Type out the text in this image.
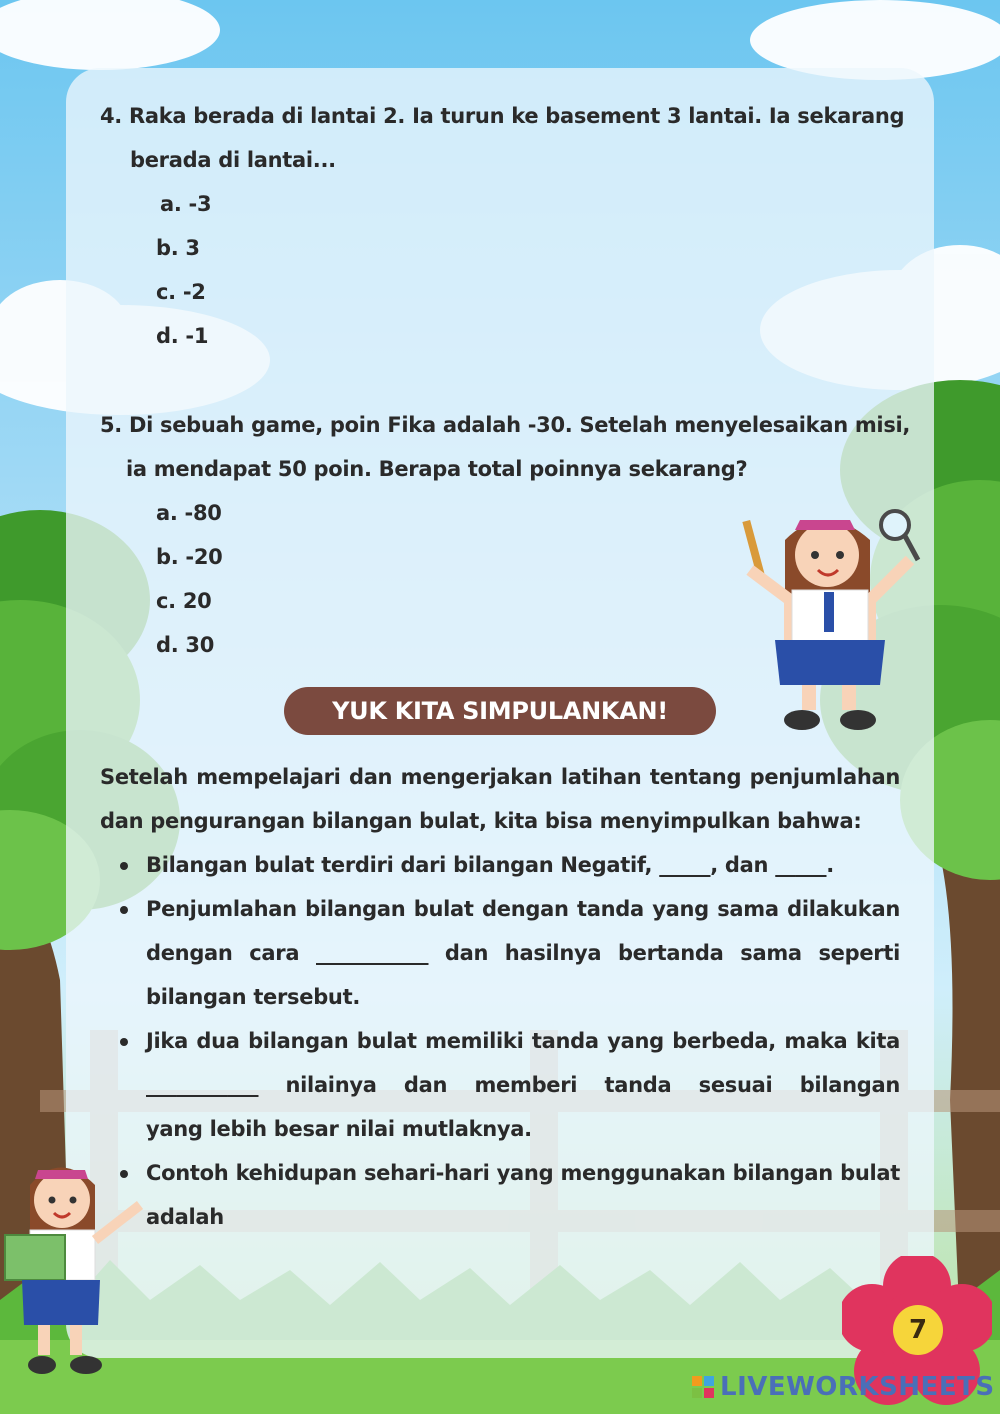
4. Raka berada di lantai 2. Ia turun ke basement 3 lantai. Ia sekarang
berada di lantai...
a. -3
b. 3
c. -2
d. -1
5. Di sebuah game, poin Fika adalah -30. Setelah menyelesaikan misi,
ia mendapat 50 poin. Berapa total poinnya sekarang?
a. -80
b. -20
c. 20
d. 30
YUK KITA SIMPULANKAN!
Setelah mempelajari dan mengerjakan latihan tentang penjumlahan
dan pengurangan bilangan bulat, kita bisa menyimpulkan bahwa:
Bilangan bulat terdiri dari bilangan Negatif, _____, dan _____.
Penjumlahan bilangan bulat dengan tanda yang sama dilakukan
dengan cara ___________ dan hasilnya bertanda sama seperti
bilangan tersebut.
Jika dua bilangan bulat memiliki tanda yang berbeda, maka kita
___________ nilainya dan memberi tanda sesuai bilangan
yang lebih besar nilai mutlaknya.
Contoh kehidupan sehari-hari yang menggunakan bilangan bulat
adalah
7
LIVEWORKSHEETS
